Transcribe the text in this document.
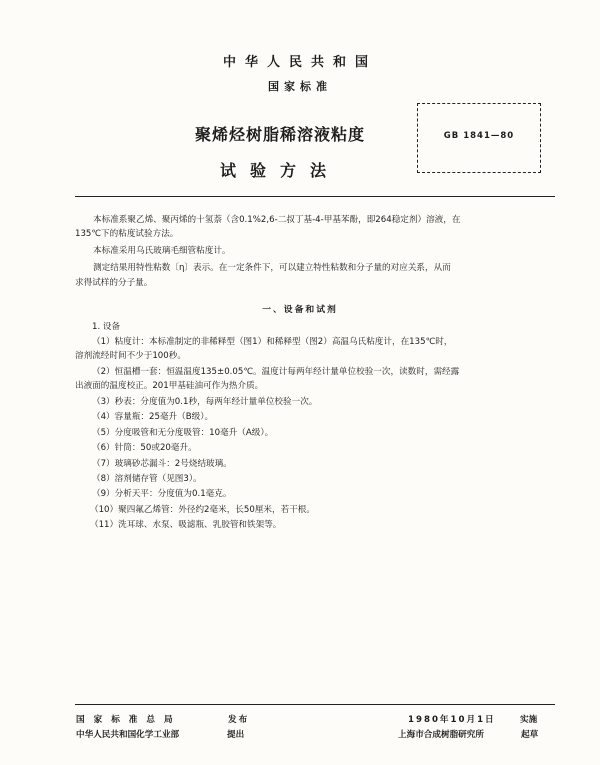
中华人民共和国
国家标准
聚烯烃树脂稀溶液粘度
试验方法
GB 1841—80
本标准系聚乙烯、聚丙烯的十氢萘（含0.1%2,6-二叔丁基-4-甲基苯酚，即264稳定剂）溶液，在
135℃下的粘度试验方法。
本标准采用乌氏玻璃毛细管粘度计。
测定结果用特性粘数〔η〕表示。在一定条件下，可以建立特性粘数和分子量的对应关系，从而
求得试样的分子量。
一、设备和试剂
1. 设备
（1）粘度计：本标准制定的非稀释型（图1）和稀释型（图2）高温乌氏粘度计，在135℃时，
溶剂流经时间不少于100秒。
（2）恒温槽一套：恒温温度135±0.05℃。温度计每两年经计量单位校验一次，读数时，需经露
出液面的温度校正。201甲基硅油可作为热介质。
（3）秒表：分度值为0.1秒，每两年经计量单位校验一次。
（4）容量瓶：25毫升（B级）。
（5）分度吸管和无分度吸管：10毫升（A级）。
（6）针筒：50或20毫升。
（7）玻璃砂芯漏斗：2号烧结玻璃。
（8）溶剂储存管（见图3）。
（9）分析天平：分度值为0.1毫克。
（10）聚四氟乙烯管：外径约2毫米，长50厘米，若干根。
（11）洗耳球、水泵、吸滤瓶、乳胶管和铁架等。
国家标准总局	发布	1980年10月1日	实施
中华人民共和国化学工业部	提出	上海市合成树脂研究所	起草
